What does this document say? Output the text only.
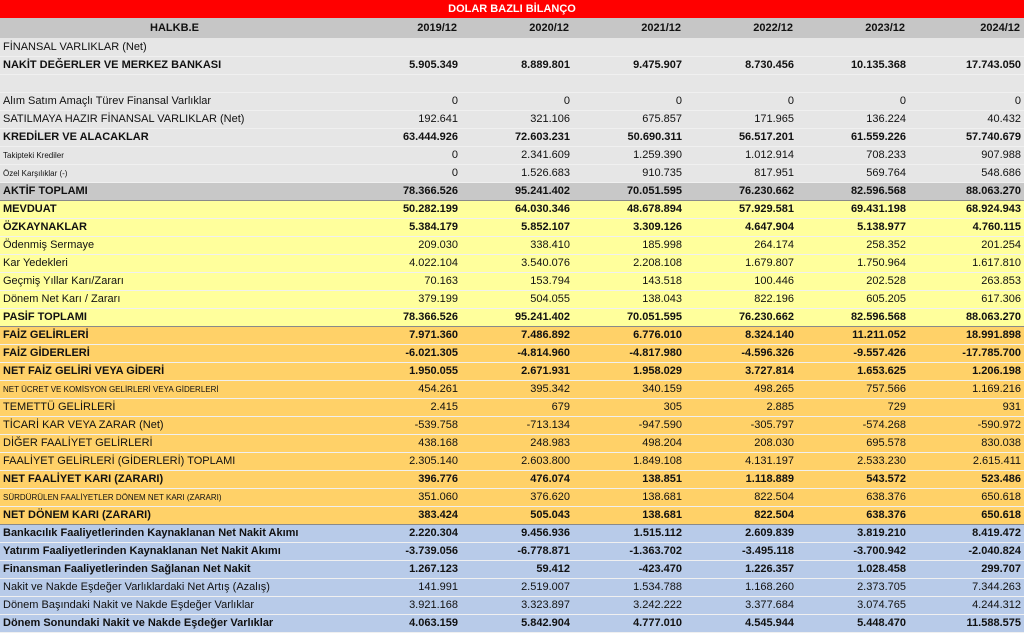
DOLAR BAZLI BİLANÇO
HALKB.E	2019/12	2020/12	2021/12	2022/12	2023/12	2024/12
FİNANSAL VARLIKLAR (Net)						
NAKİT DEĞERLER VE MERKEZ BANKASI	5.905.349	8.889.801	9.475.907	8.730.456	10.135.368	17.743.050

Alım Satım Amaçlı Türev Finansal Varlıklar	0	0	0	0	0	0
SATILMAYA HAZIR FİNANSAL VARLIKLAR (Net)	192.641	321.106	675.857	171.965	136.224	40.432
KREDİLER VE ALACAKLAR	63.444.926	72.603.231	50.690.311	56.517.201	61.559.226	57.740.679
Takipteki Krediler	0	2.341.609	1.259.390	1.012.914	708.233	907.988
Özel Karşılıklar (-)	0	1.526.683	910.735	817.951	569.764	548.686
AKTİF TOPLAMI	78.366.526	95.241.402	70.051.595	76.230.662	82.596.568	88.063.270
MEVDUAT	50.282.199	64.030.346	48.678.894	57.929.581	69.431.198	68.924.943
ÖZKAYNAKLAR	5.384.179	5.852.107	3.309.126	4.647.904	5.138.977	4.760.115
Ödenmiş Sermaye	209.030	338.410	185.998	264.174	258.352	201.254
Kar Yedekleri	4.022.104	3.540.076	2.208.108	1.679.807	1.750.964	1.617.810
Geçmiş Yıllar Karı/Zararı	70.163	153.794	143.518	100.446	202.528	263.853
Dönem Net Karı / Zararı	379.199	504.055	138.043	822.196	605.205	617.306
PASİF TOPLAMI	78.366.526	95.241.402	70.051.595	76.230.662	82.596.568	88.063.270
FAİZ GELİRLERİ	7.971.360	7.486.892	6.776.010	8.324.140	11.211.052	18.991.898
FAİZ GİDERLERİ	-6.021.305	-4.814.960	-4.817.980	-4.596.326	-9.557.426	-17.785.700
NET FAİZ GELİRİ VEYA GİDERİ	1.950.055	2.671.931	1.958.029	3.727.814	1.653.625	1.206.198
NET ÜCRET VE KOMİSYON GELİRLERİ VEYA GİDERLERİ	454.261	395.342	340.159	498.265	757.566	1.169.216
TEMETTÜ GELİRLERİ	2.415	679	305	2.885	729	931
TİCARİ KAR VEYA ZARAR (Net)	-539.758	-713.134	-947.590	-305.797	-574.268	-590.972
DİĞER FAALİYET GELİRLERİ	438.168	248.983	498.204	208.030	695.578	830.038
FAALİYET GELİRLERİ (GİDERLERİ) TOPLAMI	2.305.140	2.603.800	1.849.108	4.131.197	2.533.230	2.615.411
NET FAALİYET KARI (ZARARI)	396.776	476.074	138.851	1.118.889	543.572	523.486
SÜRDÜRÜLEN FAALİYETLER DÖNEM NET KARI (ZARARI)	351.060	376.620	138.681	822.504	638.376	650.618
NET DÖNEM KARI (ZARARI)	383.424	505.043	138.681	822.504	638.376	650.618
Bankacılık Faaliyetlerinden Kaynaklanan Net Nakit Akımı	2.220.304	9.456.936	1.515.112	2.609.839	3.819.210	8.419.472
Yatırım Faaliyetlerinden Kaynaklanan Net Nakit Akımı	-3.739.056	-6.778.871	-1.363.702	-3.495.118	-3.700.942	-2.040.824
Finansman Faaliyetlerinden Sağlanan Net Nakit	1.267.123	59.412	-423.470	1.226.357	1.028.458	299.707
Nakit ve Nakde Eşdeğer Varlıklardaki Net Artış (Azalış)	141.991	2.519.007	1.534.788	1.168.260	2.373.705	7.344.263
Dönem Başındaki Nakit ve Nakde Eşdeğer Varlıklar	3.921.168	3.323.897	3.242.222	3.377.684	3.074.765	4.244.312
Dönem Sonundaki Nakit ve Nakde Eşdeğer Varlıklar	4.063.159	5.842.904	4.777.010	4.545.944	5.448.470	11.588.575
